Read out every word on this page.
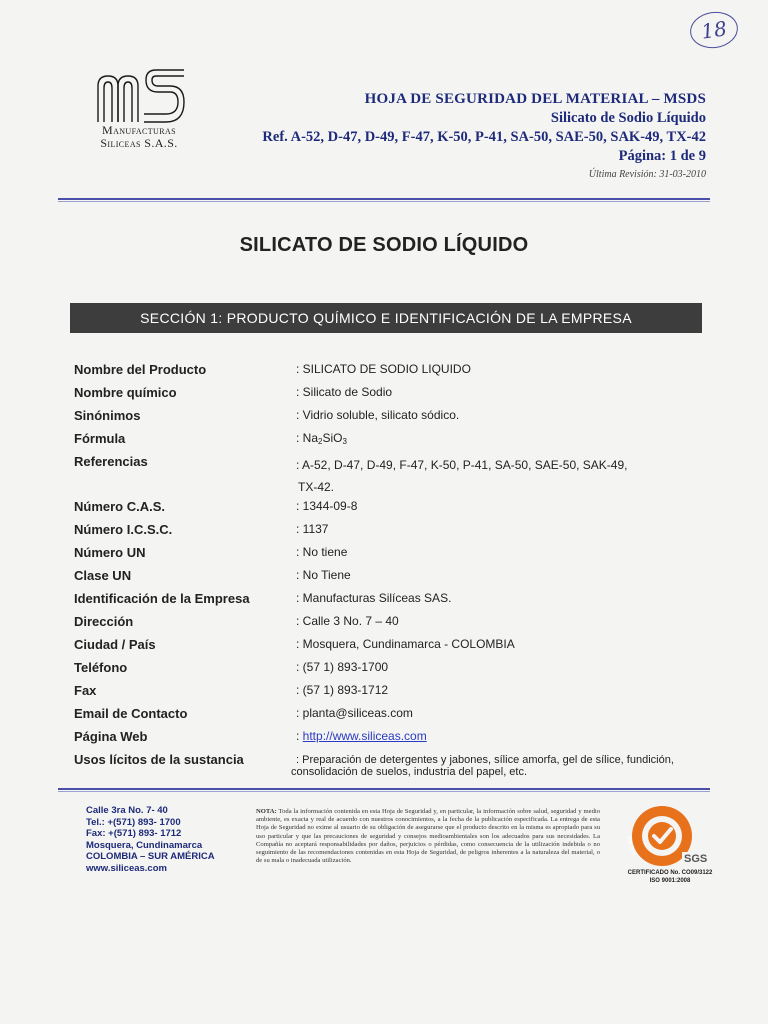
18
Manufacturas
Siliceas S.A.S.
HOJA DE SEGURIDAD DEL MATERIAL – MSDS
Silicato de Sodio Líquido
Ref. A-52, D-47, D-49, F-47, K-50, P-41, SA-50, SAE-50, SAK-49, TX-42
Página: 1 de 9
Última Revisión: 31-03-2010
SILICATO DE SODIO LÍQUIDO
SECCIÓN 1: PRODUCTO QUÍMICO E IDENTIFICACIÓN DE LA EMPRESA
Nombre del Producto	: SILICATO DE SODIO LIQUIDO
Nombre químico	: Silicato de Sodio
Sinónimos	: Vidrio soluble, silicato sódico.
Fórmula	: $Na_2SiO_3$
Referencias	: A-52, D-47, D-49, F-47, K-50, P-41, SA-50, SAE-50, SAK-49,
TX-42.
Número C.A.S.	: 1344-09-8
Número I.C.S.C.	: 1137
Número UN	: No tiene
Clase UN	: No Tiene
Identificación de la Empresa	: Manufacturas Silíceas SAS.
Dirección	: Calle 3 No. 7 – 40
Ciudad / País	: Mosquera, Cundinamarca - COLOMBIA
Teléfono	: (57 1) 893-1700
Fax	: (57 1) 893-1712
Email de Contacto	: planta@siliceas.com
Página Web	: http://www.siliceas.com
Usos lícitos de la sustancia	: Preparación de detergentes y jabones, sílice amorfa, gel de sílice, fundición,
consolidación de suelos, industria del papel, etc.
Calle 3ra No. 7- 40
Tel.: +(571) 893- 1700
Fax: +(571) 893- 1712
Mosquera, Cundinamarca
COLOMBIA – SUR AMÉRICA
www.siliceas.com
NOTA: Toda la información contenida en esta Hoja de Seguridad y, en particular, la información sobre salud, seguridad y medio ambiente, es exacta y real de acuerdo con nuestros conocimientos, a la fecha de la publicación especificada. La entrega de esta Hoja de Seguridad no exime al usuario de su obligación de asegurarse que el producto descrito en la misma es apropiado para su uso particular y que las precauciones de seguridad y consejos medioambientales son los adecuados para sus necesidades. La Compañía no aceptará responsabilidades por daños, perjuicios o pérdidas, como consecuencia de la utilización indebida o no seguimiento de las recomendaciones contenidas en esta Hoja de Seguridad, de peligros inherentes a la naturaleza del material, o de su mala o inadecuada utilización.
ISO 900
SGS
CERTIFICADO No. CO09/3122
ISO 9001:2008
